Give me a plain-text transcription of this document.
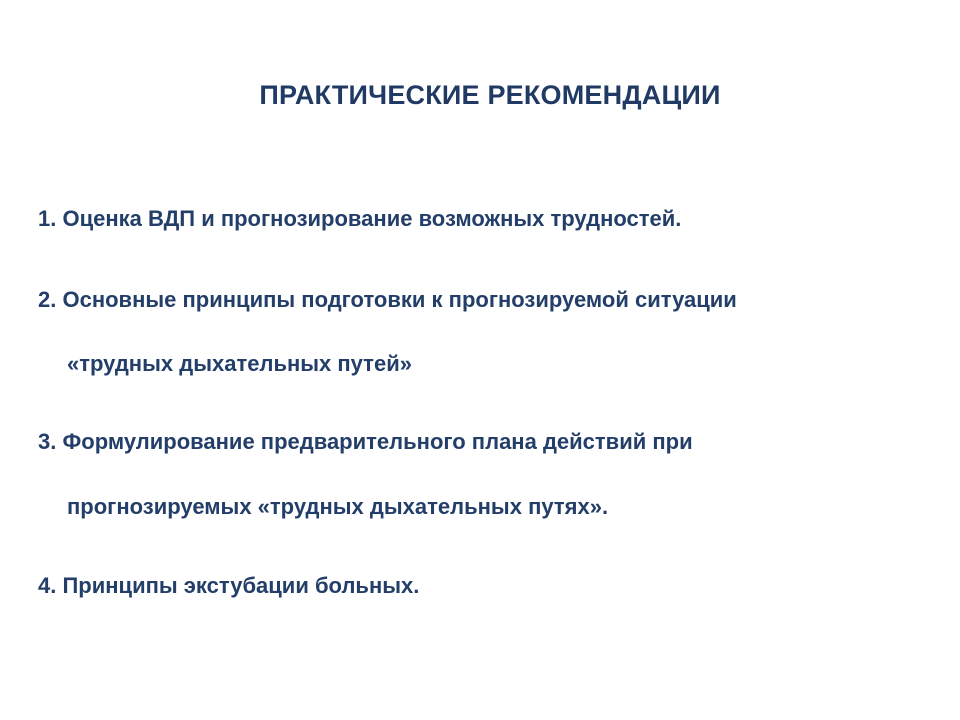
ПРАКТИЧЕСКИЕ РЕКОМЕНДАЦИИ
1. Оценка ВДП и прогнозирование возможных трудностей.
2. Основные принципы подготовки к прогнозируемой ситуации
«трудных дыхательных путей»
3. Формулирование предварительного плана действий при
прогнозируемых «трудных дыхательных путях».
4. Принципы экстубации больных.
